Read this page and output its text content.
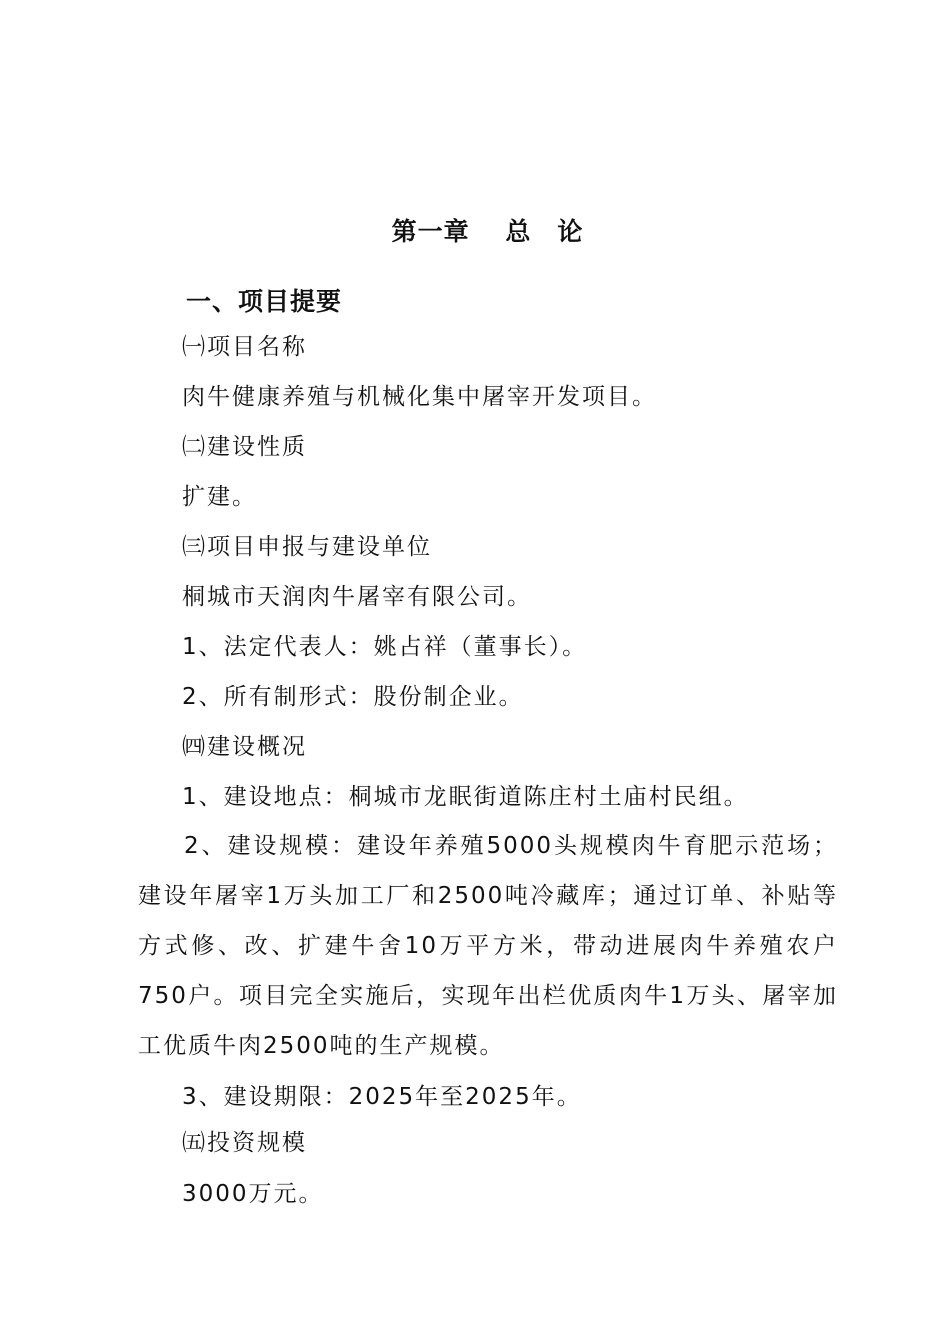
第一章　 总　论
一、项目提要
㈠项目名称
肉牛健康养殖与机械化集中屠宰开发项目。
㈡建设性质
扩建。
㈢项目申报与建设单位
桐城市天润肉牛屠宰有限公司。
1、法定代表人：姚占祥（董事长）。
2、所有制形式：股份制企业。
㈣建设概况
1、建设地点：桐城市龙眠街道陈庄村土庙村民组。
2、建设规模：建设年养殖5000头规模肉牛育肥示范场；建设年屠宰1万头加工厂和2500吨冷藏库；通过订单、补贴等方式修、改、扩建牛舍10万平方米，带动进展肉牛养殖农户750户。项目完全实施后，实现年出栏优质肉牛1万头、屠宰加工优质牛肉2500吨的生产规模。
3、建设期限：2025年至2025年。
㈤投资规模
3000万元。
